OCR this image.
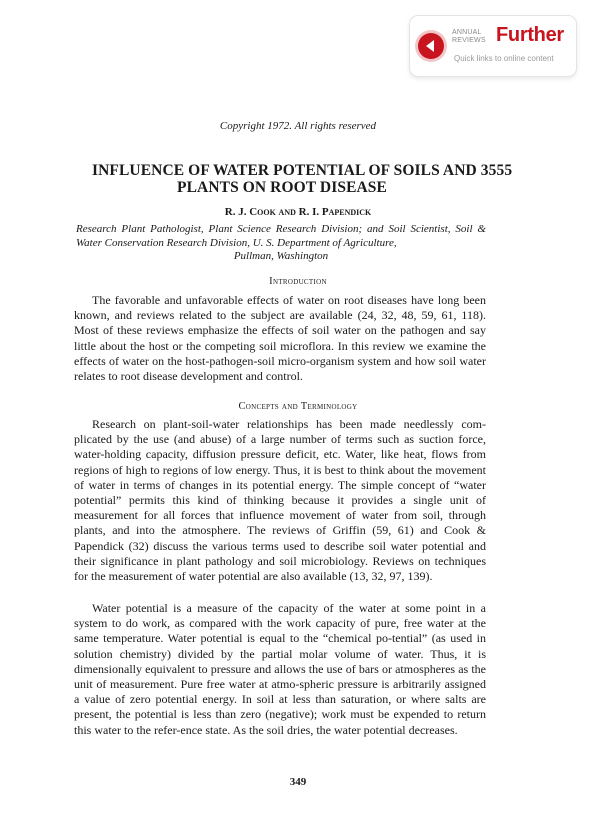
ANNUAL
REVIEWS Further
Quick links to online content
Copyright 1972. All rights reserved
INFLUENCE OF WATER POTENTIAL OF SOILS AND 3555
PLANTS ON ROOT DISEASE
R. J. Cook and R. I. Papendick
Research Plant Pathologist, Plant Science Research Division; and Soil Scientist, Soil & Water Conservation Research Division, U. S. Department of Agriculture,
Pullman, Washington
Introduction

The favorable and unfavorable effects of water on root diseases have long been known, and reviews related to the subject are available (24, 32, 48, 59, 61, 118). Most of these reviews emphasize the effects of soil water on the pathogen and say little about the host or the competing soil microflora. In this review we examine the effects of water on the host-pathogen-soil micro-organism system and how soil water relates to root disease development and control.

Concepts and Terminology

Research on plant-soil-water relationships has been made needlessly com-plicated by the use (and abuse) of a large number of terms such as suction force, water-holding capacity, diffusion pressure deficit, etc. Water, like heat, flows from regions of high to regions of low energy. Thus, it is best to think about the movement of water in terms of changes in its potential energy. The simple concept of “water potential” permits this kind of thinking because it provides a single unit of measurement for all forces that influence movement of water from soil, through plants, and into the atmosphere. The reviews of Griffin (59, 61) and Cook & Papendick (32) discuss the various terms used to describe soil water potential and their significance in plant pathology and soil microbiology. Reviews on techniques for the measurement of water potential are also available (13, 32, 97, 139).

Water potential is a measure of the capacity of the water at some point in a system to do work, as compared with the work capacity of pure, free water at the same temperature. Water potential is equal to the “chemical po-tential” (as used in solution chemistry) divided by the partial molar volume of water. Thus, it is dimensionally equivalent to pressure and allows the use of bars or atmospheres as the unit of measurement. Pure free water at atmo-spheric pressure is arbitrarily assigned a value of zero potential energy. In soil at less than saturation, or where salts are present, the potential is less than zero (negative); work must be expended to return this water to the refer-ence state. As the soil dries, the water potential decreases.

349
